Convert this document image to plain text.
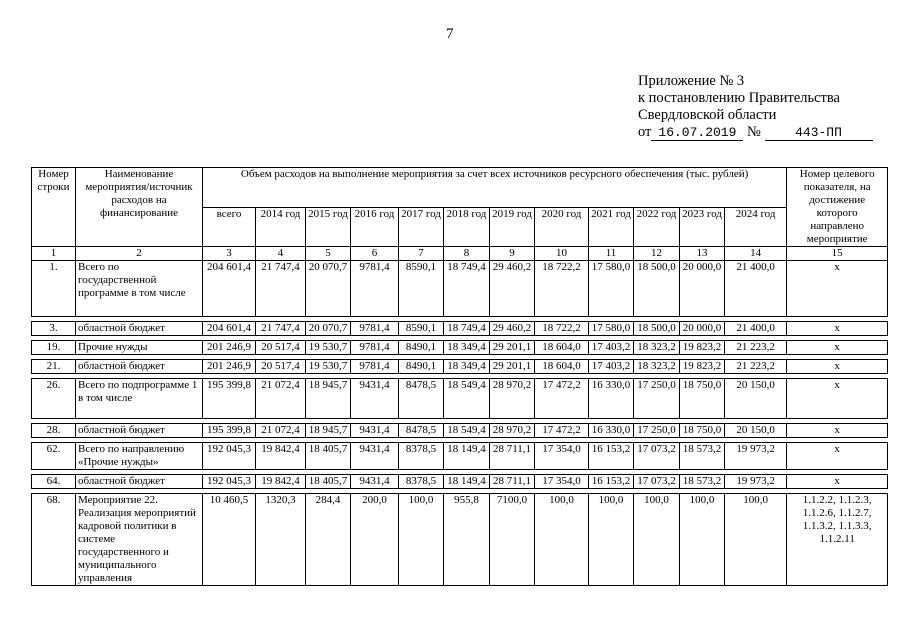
7
Приложение № 3
к постановлению Правительства
Свердловской области
от 16.07.2019 №	443-ПП
Номер строки	Наименование мероприятия/источник расходов на финансирование	Объем расходов на выполнение мероприятия за счет всех источников ресурсного обеспечения (тыс. рублей)												Номер целевого показателя, на достижение которого направлено мероприятие
		всего	2014 год	2015 год	2016 год	2017 год	2018 год	2019 год	2020 год	2021 год	2022 год	2023 год	2024 год	
1	2	3	4	5	6	7	8	9	10	11	12	13	14	15
1.	Всего по государственной программе в том числе	204 601,4	21 747,4	20 070,7	9781,4	8590,1	18 749,4	29 460,2	18 722,2	17 580,0	18 500,0	20 000,0	21 400,0	x

3.	областной бюджет	204 601,4	21 747,4	20 070,7	9781,4	8590,1	18 749,4	29 460,2	18 722,2	17 580,0	18 500,0	20 000,0	21 400,0	x

19.	Прочие нужды	201 246,9	20 517,4	19 530,7	9781,4	8490,1	18 349,4	29 201,1	18 604,0	17 403,2	18 323,2	19 823,2	21 223,2	x

21.	областной бюджет	201 246,9	20 517,4	19 530,7	9781,4	8490,1	18 349,4	29 201,1	18 604,0	17 403,2	18 323,2	19 823,2	21 223,2	x

26.	Всего по подпрограмме 1 в том числе	195 399,8	21 072,4	18 945,7	9431,4	8478,5	18 549,4	28 970,2	17 472,2	16 330,0	17 250,0	18 750,0	20 150,0	x

28.	областной бюджет	195 399,8	21 072,4	18 945,7	9431,4	8478,5	18 549,4	28 970,2	17 472,2	16 330,0	17 250,0	18 750,0	20 150,0	x

62.	Всего по направлению «Прочие нужды»	192 045,3	19 842,4	18 405,7	9431,4	8378,5	18 149,4	28 711,1	17 354,0	16 153,2	17 073,2	18 573,2	19 973,2	x

64.	областной бюджет	192 045,3	19 842,4	18 405,7	9431,4	8378,5	18 149,4	28 711,1	17 354,0	16 153,2	17 073,2	18 573,2	19 973,2	x

68.	Мероприятие 22. Реализация мероприятий кадровой политики в системе государственного и муниципального управления	10 460,5	1320,3	284,4	200,0	100,0	955,8	7100,0	100,0	100,0	100,0	100,0	100,0	1.1.2.2, 1.1.2.3, 1.1.2.6, 1.1.2.7, 1.1.3.2, 1.1.3.3, 1.1.2.11
